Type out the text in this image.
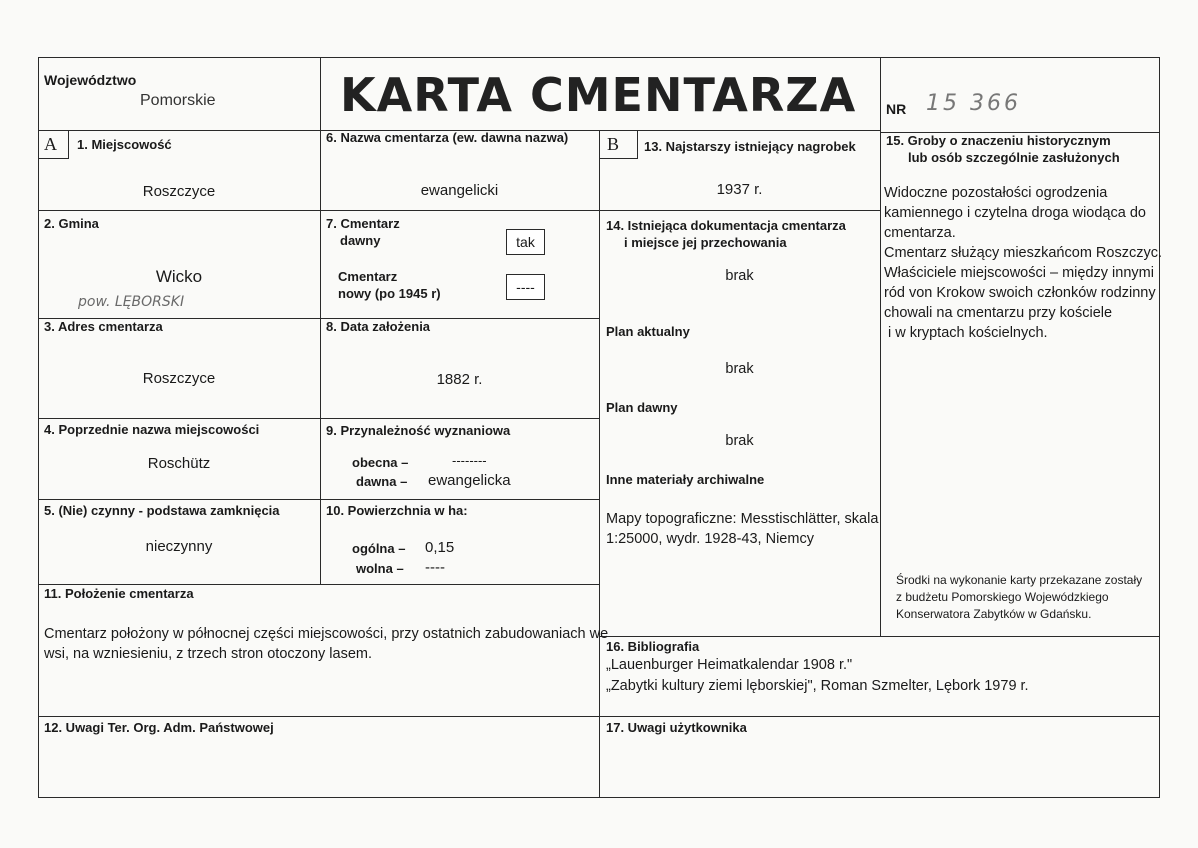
Województwo
Pomorskie	KARTA CMENTARZA NR 15 366
A	B
1. Miejscowość
Roszczyce
2. Gmina
Wicko
pow. LĘBORSKI
3. Adres cmentarza
Roszczyce
4. Poprzednie nazwa miejscowości
Roschütz
5. (Nie) czynny - podstawa zamknięcia
nieczynny
6. Nazwa cmentarza (ew. dawna nazwa)
ewangelicki
7. Cmentarz
dawny	tak
Cmentarz
nowy (po 1945 r)	----
8. Data założenia
1882 r.
9. Przynależność wyznaniowa
obecna –	--------
dawna – ewangelicka
10. Powierzchnia w ha:
ogólna – 0,15
wolna – ----
11. Położenie cmentarza
Cmentarz położony w północnej części miejscowości, przy ostatnich zabudowaniach we
wsi, na wzniesieniu, z trzech stron otoczony lasem.
12. Uwagi Ter. Org. Adm. Państwowej
13. Najstarszy istniejący nagrobek
1937 r.
14. Istniejąca dokumentacja cmentarza
i miejsce jej przechowania
brak
Plan aktualny
brak
Plan dawny
brak
Inne materiały archiwalne
Mapy topograficzne: Messtischlätter, skala
1:25000, wydr. 1928-43, Niemcy
15. Groby o znaczeniu historycznym
lub osób szczególnie zasłużonych
Widoczne pozostałości ogrodzenia
kamiennego i czytelna droga wiodąca do
cmentarza.
Cmentarz służący mieszkańcom Roszczyc.
Właściciele miejscowości – między innymi
ród von Krokow swoich członków rodzinny
chowali na cmentarzu przy kościele
i w kryptach kościelnych.
Środki na wykonanie karty przekazane zostały
z budżetu Pomorskiego Wojewódzkiego
Konserwatora Zabytków w Gdańsku.
16. Bibliografia
„Lauenburger Heimatkalendar 1908 r."
„Zabytki kultury ziemi lęborskiej", Roman Szmelter, Lębork 1979 r.
17. Uwagi użytkownika
